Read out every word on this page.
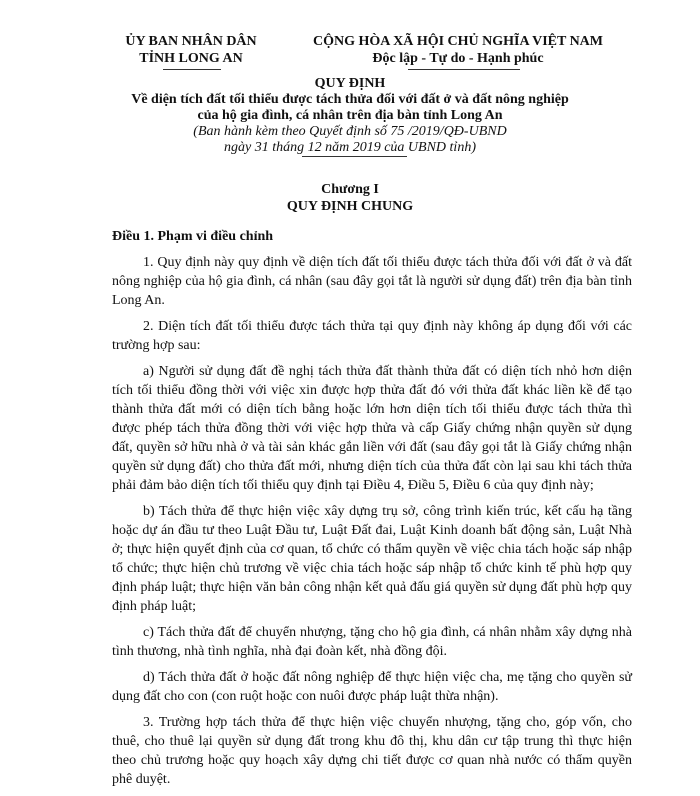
ỦY BAN NHÂN DÂN
TỈNH LONG AN
CỘNG HÒA XÃ HỘI CHỦ NGHĨA VIỆT NAM
Độc lập - Tự do - Hạnh phúc
QUY ĐỊNH
Về diện tích đất tối thiểu được tách thửa đối với đất ở và đất nông nghiệp
của hộ gia đình, cá nhân trên địa bàn tỉnh Long An
(Ban hành kèm theo Quyết định số 75 /2019/QĐ-UBND
ngày 31 tháng 12 năm 2019 của UBND tỉnh)
Chương I
QUY ĐỊNH CHUNG
Điều 1. Phạm vi điều chỉnh

1. Quy định này quy định về diện tích đất tối thiểu được tách thửa đối với đất ở và đất nông nghiệp của hộ gia đình, cá nhân (sau đây gọi tắt là người sử dụng đất) trên địa bàn tỉnh Long An.

2. Diện tích đất tối thiểu được tách thửa tại quy định này không áp dụng đối với các trường hợp sau:

a) Người sử dụng đất đề nghị tách thửa đất thành thửa đất có diện tích nhỏ hơn diện tích tối thiểu đồng thời với việc xin được hợp thửa đất đó với thửa đất khác liền kề để tạo thành thửa đất mới có diện tích bằng hoặc lớn hơn diện tích tối thiểu được tách thửa thì được phép tách thửa đồng thời với việc hợp thửa và cấp Giấy chứng nhận quyền sử dụng đất, quyền sở hữu nhà ở và tài sản khác gắn liền với đất (sau đây gọi tắt là Giấy chứng nhận quyền sử dụng đất) cho thửa đất mới, nhưng diện tích của thửa đất còn lại sau khi tách thửa phải đảm bảo diện tích tối thiểu quy định tại Điều 4, Điều 5, Điều 6 của quy định này;

b) Tách thửa để thực hiện việc xây dựng trụ sở, công trình kiến trúc, kết cấu hạ tầng hoặc dự án đầu tư theo Luật Đầu tư, Luật Đất đai, Luật Kinh doanh bất động sản, Luật Nhà ở; thực hiện quyết định của cơ quan, tổ chức có thẩm quyền về việc chia tách hoặc sáp nhập tổ chức; thực hiện chủ trương về việc chia tách hoặc sáp nhập tổ chức kinh tế phù hợp quy định pháp luật; thực hiện văn bản công nhận kết quả đấu giá quyền sử dụng đất phù hợp quy định pháp luật;

c) Tách thửa đất để chuyển nhượng, tặng cho hộ gia đình, cá nhân nhằm xây dựng nhà tình thương, nhà tình nghĩa, nhà đại đoàn kết, nhà đồng đội.

d) Tách thửa đất ở hoặc đất nông nghiệp để thực hiện việc cha, mẹ tặng cho quyền sử dụng đất cho con (con ruột hoặc con nuôi được pháp luật thừa nhận).

3. Trường hợp tách thửa để thực hiện việc chuyển nhượng, tặng cho, góp vốn, cho thuê, cho thuê lại quyền sử dụng đất trong khu đô thị, khu dân cư tập trung thì thực hiện theo chủ trương hoặc quy hoạch xây dựng chi tiết được cơ quan nhà nước có thẩm quyền phê duyệt.
